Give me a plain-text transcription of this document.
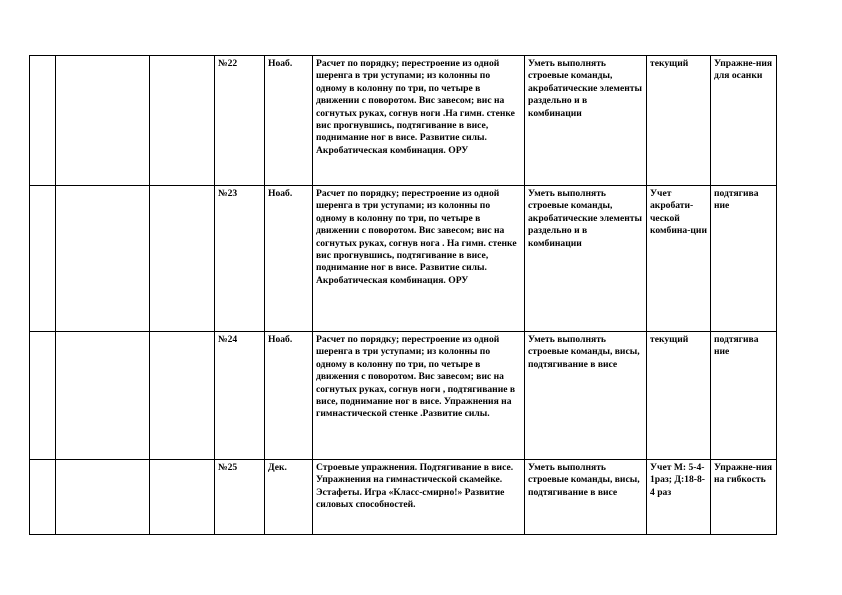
			№22	Ноаб.	Расчет по порядку; перестроение из одной шеренга в три уступами; из колонны по одному в колонну по три, по четыре в движении с поворотом. Вис завесом; вис на согнутых руках, согнув ноги .На гимн. стенке вис прогнувшись, подтягивание в висе, поднимание ног в висе. Развитие силы. Акробатическая комбинация. ОРУ	Уметь выполнять строевые команды, акробатические элементы раздельно и в комбинации	текущий	Упражне-ния для осанки
			№23	Ноаб.	Расчет по порядку; перестроение из одной шеренга в три уступами; из колонны по одному в колонну по три, по четыре в движении с поворотом. Вис завесом; вис на согнутых руках, согнув ногa . На гимн. стенке вис прогнувшись, подтягивание в висе, поднимание ног в висе. Развитие силы. Акробатическая комбинация. ОРУ	Уметь выполнять строевые команды, акробатические элементы раздельно и в комбинации	Учет акробати-ческой комбина-ции	подтягива ние
			№24	Ноаб.	Расчет по порядку; перестроение из одной шеренга в три уступами; из колонны по одному в колонну по три, по четыре в движения с поворотом. Вис завесом; вис на согнутых руках, согнув ноги , подтягивание в висе, поднимание ног в висе. Упражнения на гимнастической стенке .Развитие силы.	Уметь выполнять строевые команды, висы, подтягивание в висе	текущий	подтягива ние
			№25	Дек.	Строевые упражнения. Подтягивание в висе. Упражнения на гимнастической скамейке. Эстафеты. Игра «Класс-смирно!» Развитие силовых способностей.	Уметь выполнять строевые команды, висы, подтягивание в висе	Учет М: 5-4-1раз; Д:18-8-4 раз	Упражне-ния на гибкость
